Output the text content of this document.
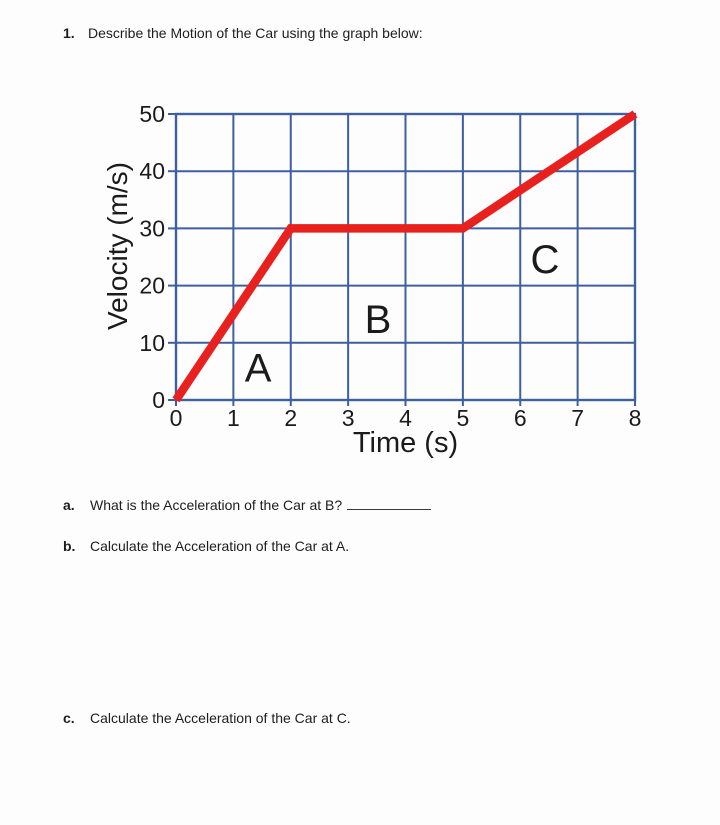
1. Describe the Motion of the Car using the graph below:
0
10
20
30
40
50
0 1 2 3 4 5 6 7 8
Time (s)
Velocity (m/s)
A
B
C
a.	What is the Acceleration of the Car at B?
b.	Calculate the Acceleration of the Car at A.
c.	Calculate the Acceleration of the Car at C.
